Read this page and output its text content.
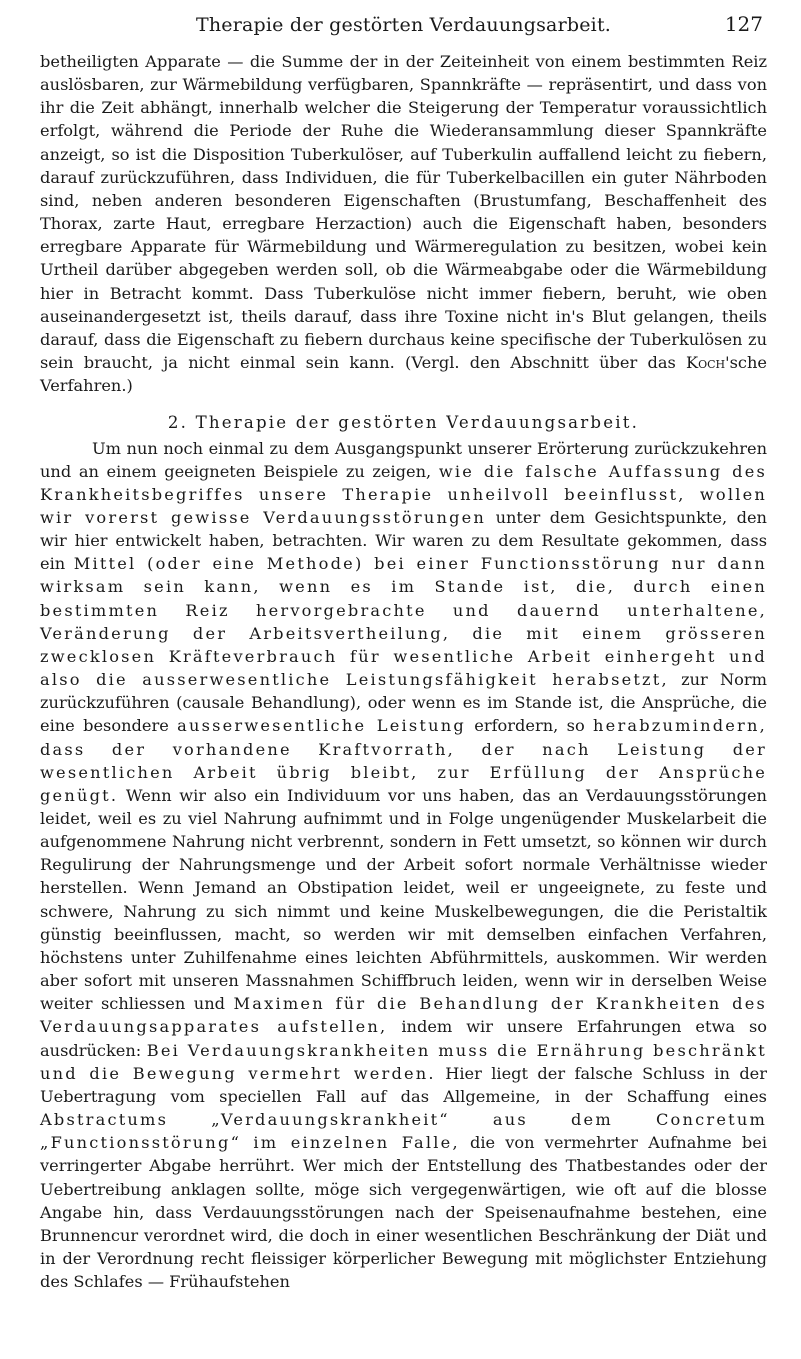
Therapie der gestörten Verdauungsarbeit.	127

betheiligten Apparate — die Summe der in der Zeiteinheit von einem bestimmten Reiz auslösbaren, zur Wärmebildung verfügbaren, Spannkräfte — repräsentirt, und dass von ihr die Zeit abhängt, innerhalb welcher die Steigerung der Temperatur voraussichtlich erfolgt, während die Periode der Ruhe die Wiederansammlung dieser Spannkräfte anzeigt, so ist die Disposition Tuberkulöser, auf Tuberkulin auffallend leicht zu fiebern, darauf zurückzuführen, dass Individuen, die für Tuberkelbacillen ein guter Nährboden sind, neben anderen besonderen Eigenschaften (Brustumfang, Beschaffenheit des Thorax, zarte Haut, erregbare Herzaction) auch die Eigenschaft haben, besonders erregbare Apparate für Wärmebildung und Wärmeregulation zu besitzen, wobei kein Urtheil darüber abgegeben werden soll, ob die Wärmeabgabe oder die Wärmebildung hier in Betracht kommt. Dass Tuberkulöse nicht immer fiebern, beruht, wie oben auseinandergesetzt ist, theils darauf, dass ihre Toxine nicht in's Blut gelangen, theils darauf, dass die Eigenschaft zu fiebern durchaus keine specifische der Tuberkulösen zu sein braucht, ja nicht einmal sein kann. (Vergl. den Abschnitt über das Koch'sche Verfahren.)

2. Therapie der gestörten Verdauungsarbeit.

Um nun noch einmal zu dem Ausgangspunkt unserer Erörterung zurückzukehren und an einem geeigneten Beispiele zu zeigen, wie die falsche Auffassung des Krankheitsbegriffes unsere Therapie unheilvoll beeinflusst, wollen wir vorerst gewisse Verdauungsstörungen unter dem Gesichtspunkte, den wir hier entwickelt haben, betrachten. Wir waren zu dem Resultate gekommen, dass ein Mittel (oder eine Methode) bei einer Functionsstörung nur dann wirksam sein kann, wenn es im Stande ist, die, durch einen bestimmten Reiz hervorgebrachte und dauernd unterhaltene, Veränderung der Arbeitsvertheilung, die mit einem grösseren zwecklosen Kräfteverbrauch für wesentliche Arbeit einhergeht und also die ausserwesentliche Leistungsfähigkeit herabsetzt, zur Norm zurückzuführen (causale Behandlung), oder wenn es im Stande ist, die Ansprüche, die eine besondere ausserwesentliche Leistung erfordern, so herabzumindern, dass der vorhandene Kraftvorrath, der nach Leistung der wesentlichen Arbeit übrig bleibt, zur Erfüllung der Ansprüche genügt. Wenn wir also ein Individuum vor uns haben, das an Verdauungsstörungen leidet, weil es zu viel Nahrung aufnimmt und in Folge ungenügender Muskelarbeit die aufgenommene Nahrung nicht verbrennt, sondern in Fett umsetzt, so können wir durch Regulirung der Nahrungsmenge und der Arbeit sofort normale Verhältnisse wieder herstellen. Wenn Jemand an Obstipation leidet, weil er ungeeignete, zu feste und schwere, Nahrung zu sich nimmt und keine Muskelbewegungen, die die Peristaltik günstig beeinflussen, macht, so werden wir mit demselben einfachen Verfahren, höchstens unter Zuhilfenahme eines leichten Abführmittels, auskommen. Wir werden aber sofort mit unseren Massnahmen Schiffbruch leiden, wenn wir in derselben Weise weiter schliessen und Maximen für die Behandlung der Krankheiten des Verdauungsapparates aufstellen, indem wir unsere Erfahrungen etwa so ausdrücken: Bei Verdauungskrankheiten muss die Ernährung beschränkt und die Bewegung vermehrt werden. Hier liegt der falsche Schluss in der Uebertragung vom speciellen Fall auf das Allgemeine, in der Schaffung eines Abstractums „Verdauungskrankheit“ aus dem Concretum „Functionsstörung“ im einzelnen Falle, die von vermehrter Aufnahme bei verringerter Abgabe herrührt. Wer mich der Entstellung des Thatbestandes oder der Uebertreibung anklagen sollte, möge sich vergegenwärtigen, wie oft auf die blosse Angabe hin, dass Verdauungsstörungen nach der Speisenaufnahme bestehen, eine Brunnencur verordnet wird, die doch in einer wesentlichen Beschränkung der Diät und in der Verordnung recht fleissiger körperlicher Bewegung mit möglichster Entziehung des Schlafes — Frühaufstehen
